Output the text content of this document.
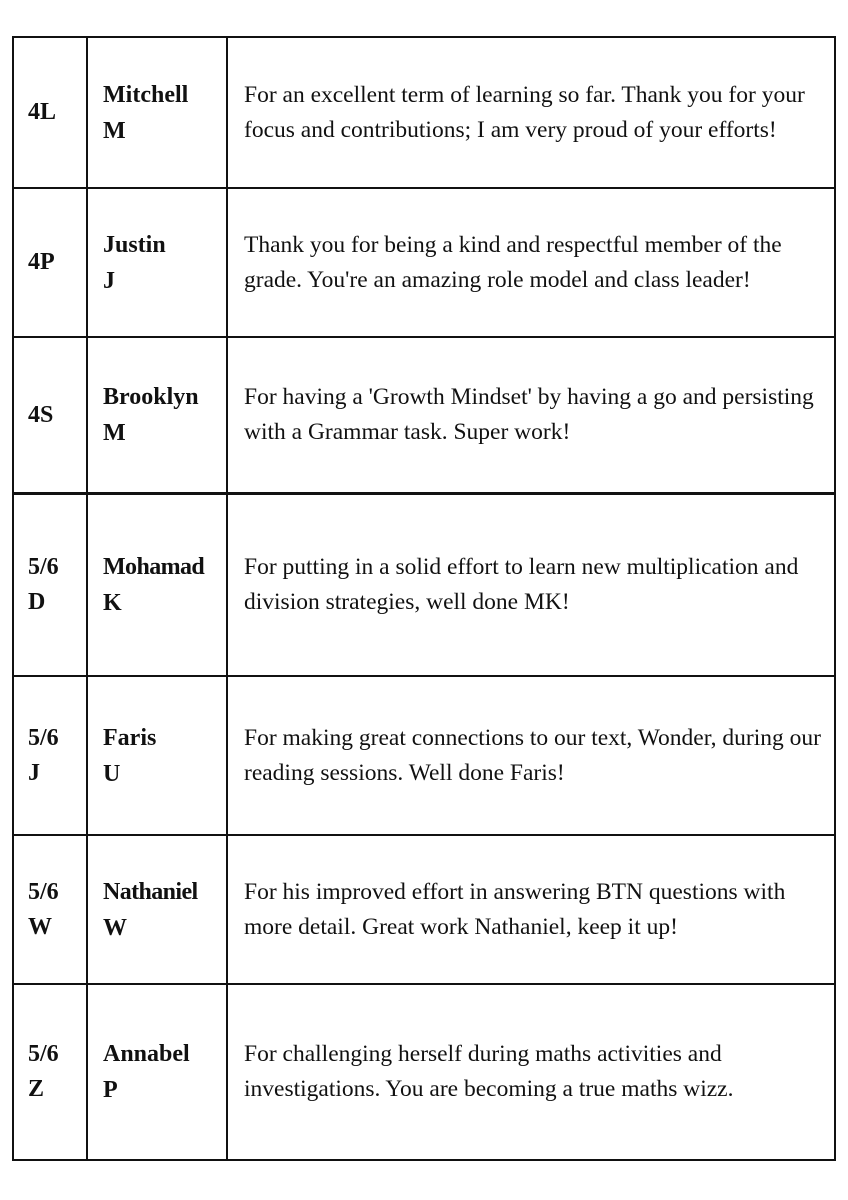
4L
Mitchell
M
For an excellent term of learning so far. Thank you for your focus and contributions; I am very proud of your efforts!
4P
Justin
J
Thank you for being a kind and respectful member of the grade. You're an amazing role model and class leader!
4S
Brooklyn
M
For having a 'Growth Mindset' by having a go and persisting with a Grammar task. Super work!
5/6
D
Mohamad
K
For putting in a solid effort to learn new multiplication and division strategies, well done MK!
5/6
J
Faris
U
For making great connections to our text, Wonder, during our reading sessions. Well done Faris!
5/6
W
Nathaniel
W
For his improved effort in answering BTN questions with more detail. Great work Nathaniel, keep it up!
5/6
Z
Annabel
P
For challenging herself during maths activities and investigations. You are becoming a true maths wizz.
